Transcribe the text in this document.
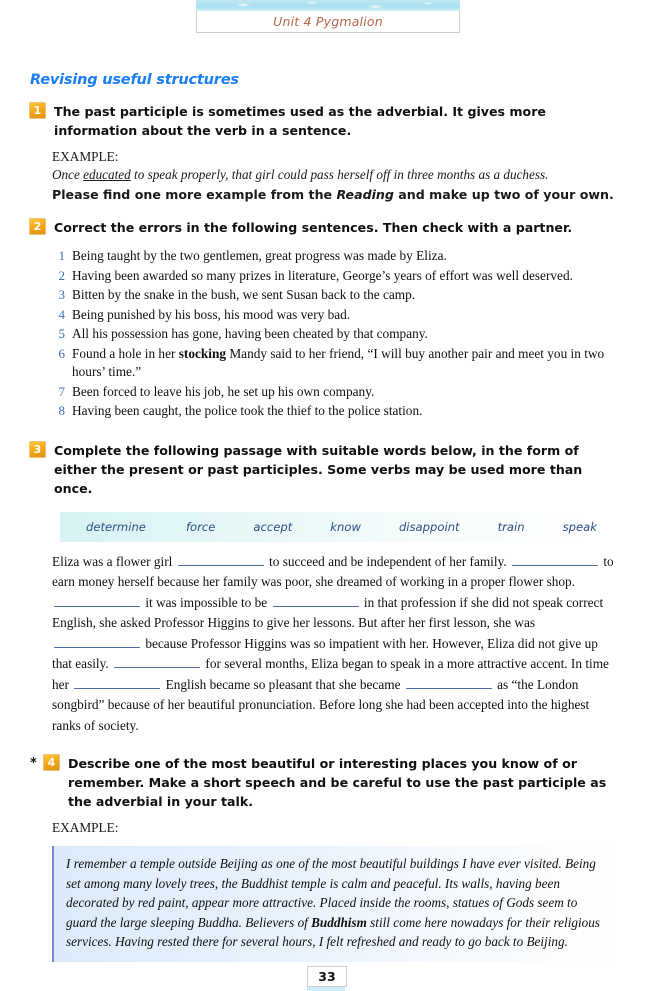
Unit 4 Pygmalion
Revising useful structures
1	The past participle is sometimes used as the adverbial. It gives more information about the verb in a sentence.
EXAMPLE:
Once educated to speak properly, that girl could pass herself off in three months as a duchess.
Please find one more example from the Reading and make up two of your own.
2	Correct the errors in the following sentences. Then check with a partner.
1 Being taught by the two gentlemen, great progress was made by Eliza.
2 Having been awarded so many prizes in literature, George’s years of effort was well deserved.
3 Bitten by the snake in the bush, we sent Susan back to the camp.
4 Being punished by his boss, his mood was very bad.
5 All his possession has gone, having been cheated by that company.
6 Found a hole in her stocking Mandy said to her friend, “I will buy another pair and meet you in two hours’ time.”
7 Been forced to leave his job, he set up his own company.
8 Having been caught, the police took the thief to the police station.
3	Complete the following passage with suitable words below, in the form of either the present or past participles. Some verbs may be used more than once.
determine	force	accept	know	disappoint	train	speak
Eliza was a flower girl	to succeed and be independent of her family.	to earn money herself because her family was poor, she dreamed of working in a proper flower shop.  it was impossible to be	in that profession if she did not speak correct English, she asked Professor Higgins to give her lessons. But after her first lesson, she was  because Professor Higgins was so impatient with her. However, Eliza did not give up that easily.	for several months, Eliza began to speak in a more attractive accent. In time her	English became so pleasant that she became	as “the London songbird” because of her beautiful pronunciation. Before long she had been accepted into the highest ranks of society.
* 4	Describe one of the most beautiful or interesting places you know of or remember. Make a short speech and be careful to use the past participle as the adverbial in your talk.
EXAMPLE:

I remember a temple outside Beijing as one of the most beautiful buildings I have ever visited. Being set among many lovely trees, the Buddhist temple is calm and peaceful. Its walls, having been decorated by red paint, appear more attractive. Placed inside the rooms, statues of Gods seem to guard the large sleeping Buddha. Believers of Buddhism still come here nowadays for their religious services. Having rested there for several hours, I felt refreshed and ready to go back to Beijing.

33
